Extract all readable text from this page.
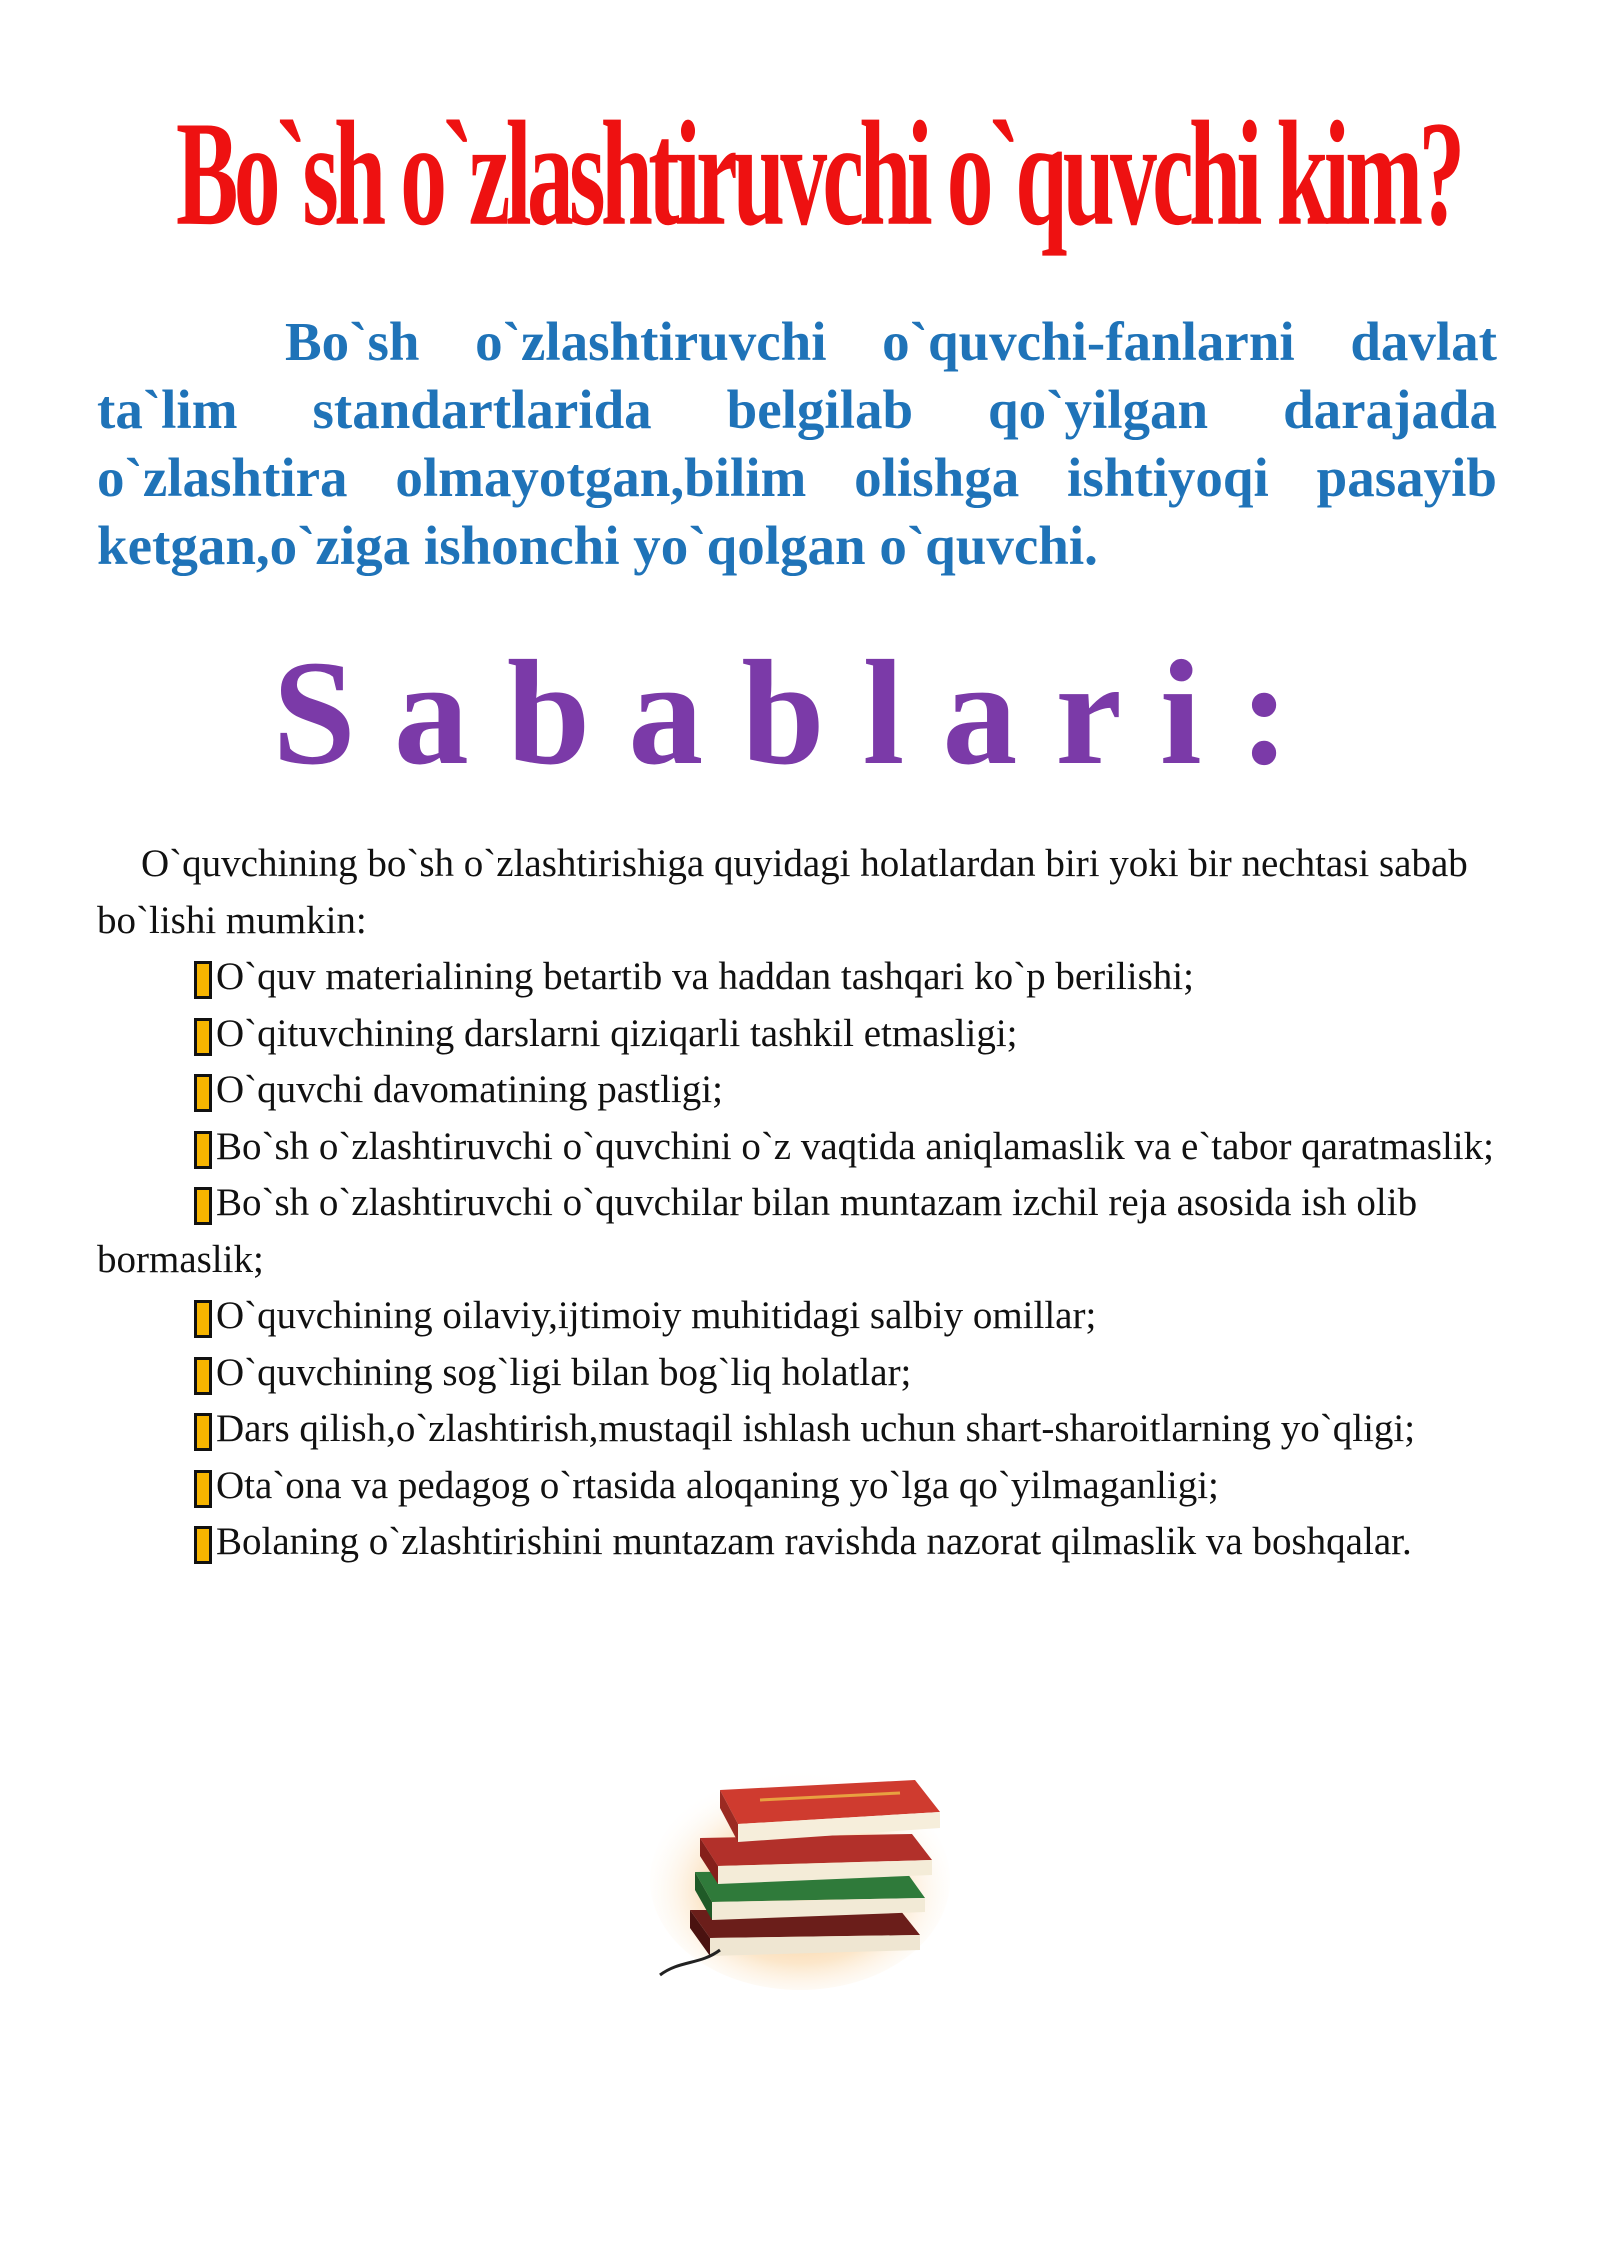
Bo`sh o`zlashtiruvchi o`quvchi kim?

Bo`sh o`zlashtiruvchi o`quvchi-fanlarni davlat ta`lim standartlarida belgilab qo`yilgan darajada o`zlashtira olmayotgan,bilim olishga ishtiyoqi pasayib ketgan,o`ziga ishonchi yo`qolgan o`quvchi.

Sabablari:

O`quvchining bo`sh o`zlashtirishiga quyidagi holatlardan biri yoki bir nechtasi sabab bo`lishi mumkin:

O`quv materialining betartib va haddan tashqari ko`p berilishi;
O`qituvchining darslarni qiziqarli tashkil etmasligi;
O`quvchi davomatining pastligi;
Bo`sh o`zlashtiruvchi o`quvchini o`z vaqtida aniqlamaslik va e`tabor qaratmaslik;
Bo`sh o`zlashtiruvchi o`quvchilar bilan muntazam izchil reja asosida ish olib bormaslik;
O`quvchining oilaviy,ijtimoiy muhitidagi salbiy omillar;
O`quvchining sog`ligi bilan bog`liq holatlar;
Dars qilish,o`zlashtirish,mustaqil ishlash uchun shart-sharoitlarning yo`qligi;
Ota`ona va pedagog o`rtasida aloqaning yo`lga qo`yilmaganligi;
Bolaning o`zlashtirishini muntazam ravishda nazorat qilmaslik va boshqalar.
